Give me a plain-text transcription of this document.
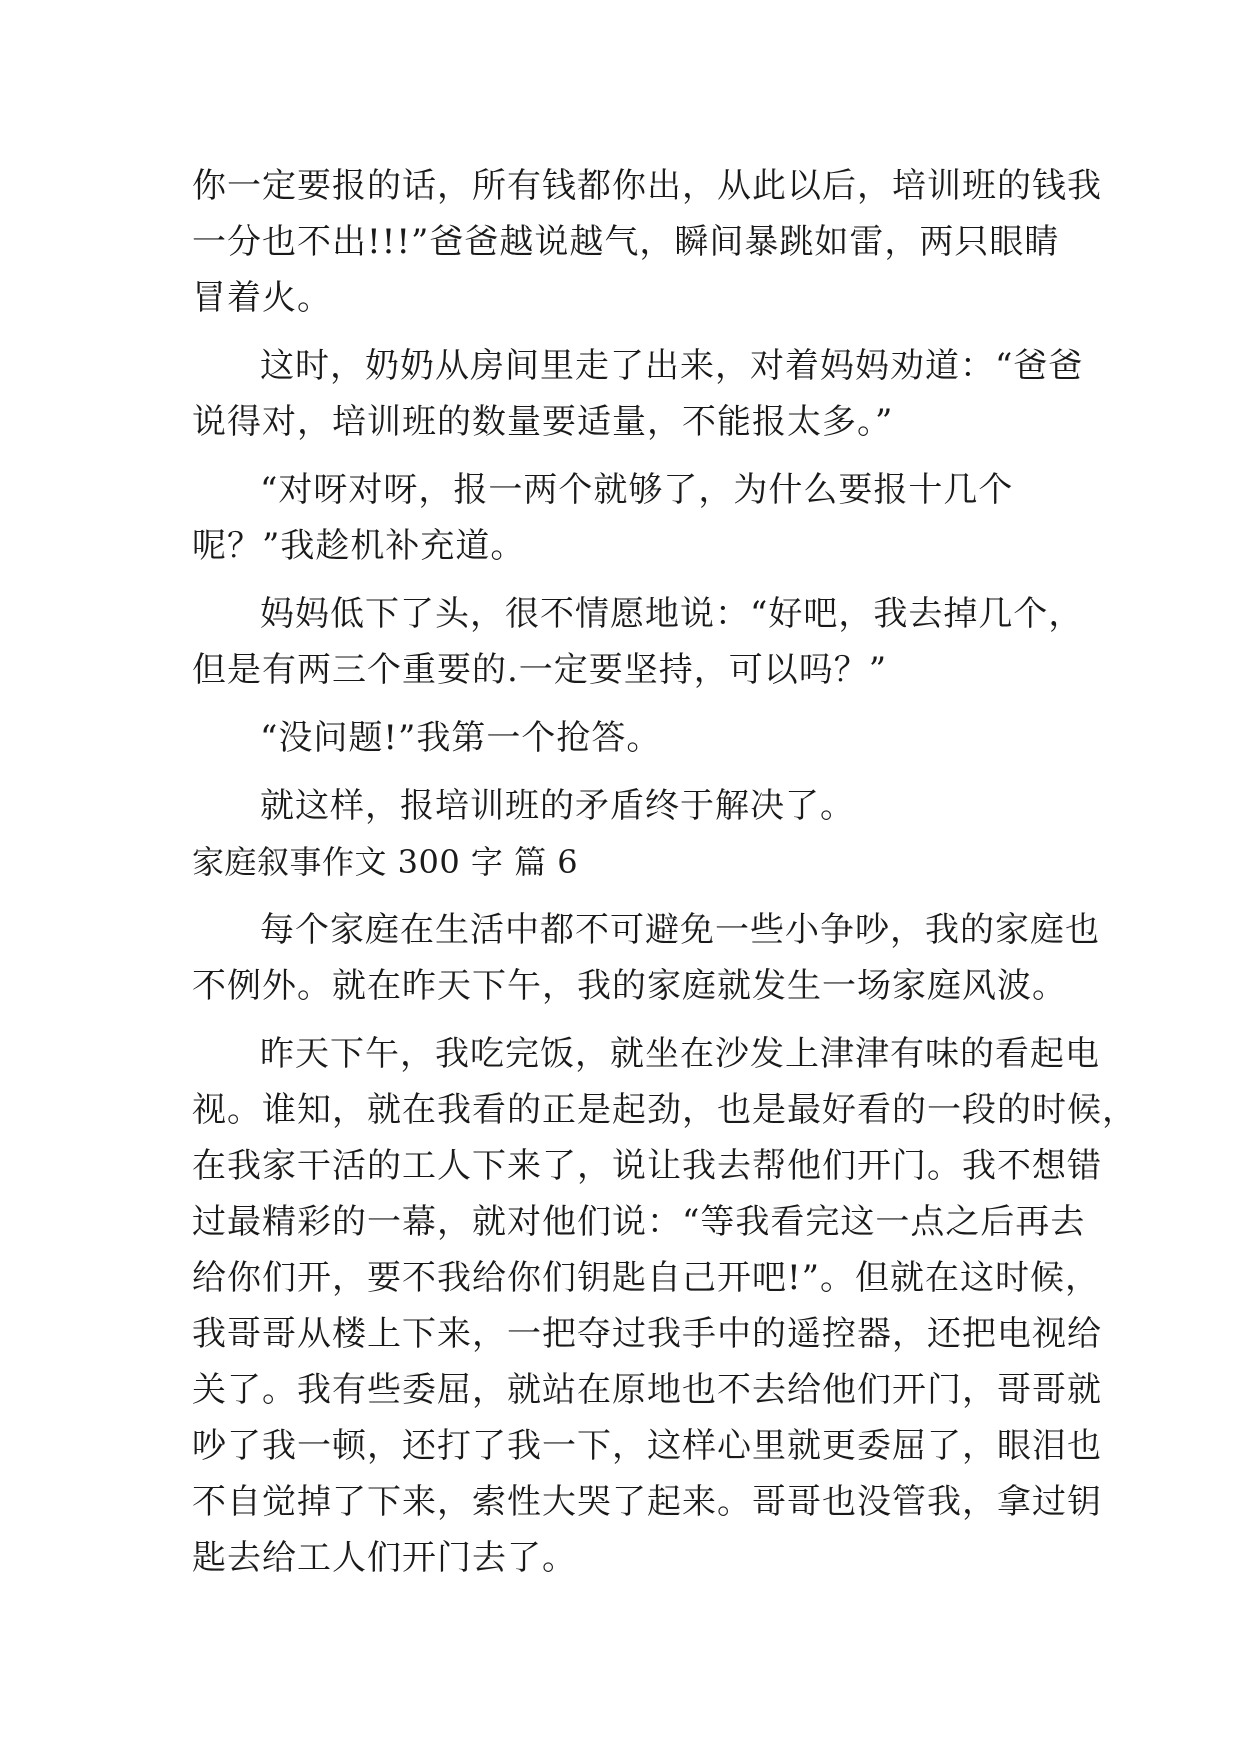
你一定要报的话，所有钱都你出，从此以后，培训班的钱我
一分也不出!!!”爸爸越说越气，瞬间暴跳如雷，两只眼睛
冒着火。
这时，奶奶从房间里走了出来，对着妈妈劝道：“爸爸
说得对，培训班的数量要适量，不能报太多。”
“对呀对呀，报一两个就够了，为什么要报十几个
呢？”我趁机补充道。
妈妈低下了头，很不情愿地说：“好吧，我去掉几个，
但是有两三个重要的.一定要坚持，可以吗？”
“没问题!”我第一个抢答。
就这样，报培训班的矛盾终于解决了。
家庭叙事作文 300 字 篇 6
每个家庭在生活中都不可避免一些小争吵，我的家庭也
不例外。就在昨天下午，我的家庭就发生一场家庭风波。
昨天下午，我吃完饭，就坐在沙发上津津有味的看起电
视。谁知，就在我看的正是起劲，也是最好看的一段的时候，
在我家干活的工人下来了，说让我去帮他们开门。我不想错
过最精彩的一幕，就对他们说：“等我看完这一点之后再去
给你们开，要不我给你们钥匙自己开吧!”。但就在这时候，
我哥哥从楼上下来，一把夺过我手中的遥控器，还把电视给
关了。我有些委屈，就站在原地也不去给他们开门，哥哥就
吵了我一顿，还打了我一下，这样心里就更委屈了，眼泪也
不自觉掉了下来，索性大哭了起来。哥哥也没管我，拿过钥
匙去给工人们开门去了。
